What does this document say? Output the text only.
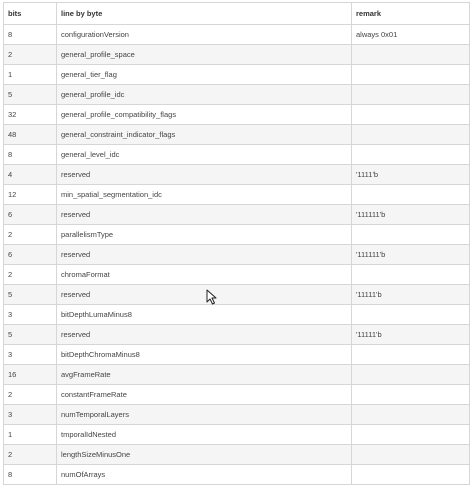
bits	line by byte	remark
8	configurationVersion	always 0x01
2	general_profile_space	
1	general_tier_flag	
5	general_profile_idc	
32	general_profile_compatibility_flags	
48	general_constraint_indicator_flags	
8	general_level_idc	
4	reserved	'1111'b
12	min_spatial_segmentation_idc	
6	reserved	'111111'b
2	parallelismType	
6	reserved	'111111'b
2	chromaFormat	
5	reserved	'11111'b
3	bitDepthLumaMinus8	
5	reserved	'11111'b
3	bitDepthChromaMinus8	
16	avgFrameRate	
2	constantFrameRate	
3	numTemporalLayers	
1	tmporalIdNested	
2	lengthSizeMinusOne	
8	numOfArrays	
